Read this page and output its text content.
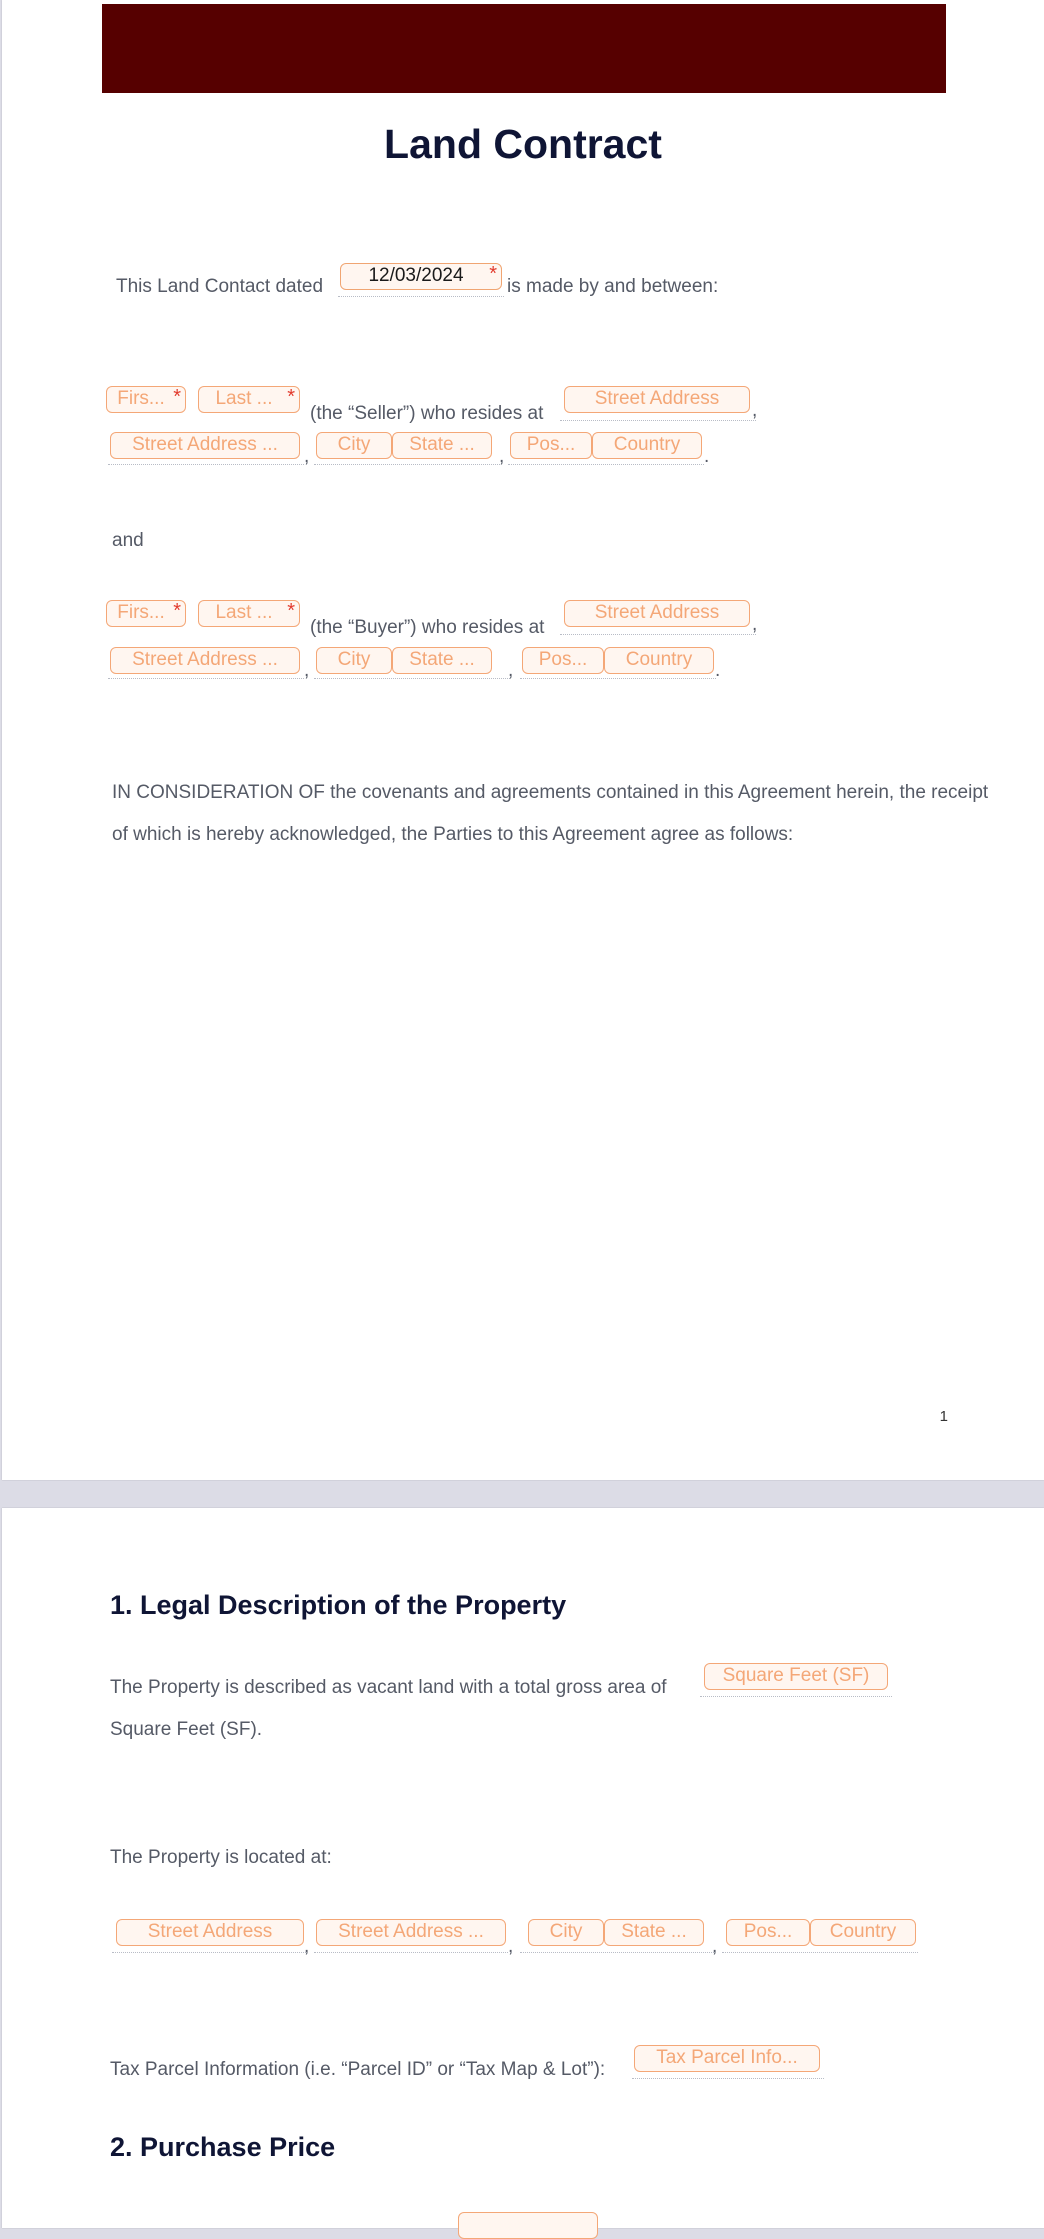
Land Contract
This Land Contact dated
12/03/2024 *
is made by and between:
Firs... *	Last ... *
(the “Seller”) who resides at
Street Address
,
Street Address ...
,
City	State ...
,
Pos...	Country
.
and
Firs... *	Last ... *
(the “Buyer”) who resides at
Street Address
,
Street Address ...
,
City	State ...
,
Pos...	Country
.

IN CONSIDERATION OF the covenants and agreements contained in this Agreement herein, the receipt of which is hereby acknowledged, the Parties to this Agreement agree as follows:

1
1. Legal Description of the Property
The Property is described as vacant land with a total gross area of
Square Feet (SF)
Square Feet (SF).
The Property is located at:
Street Address
,
Street Address ...
,
City	State ...
,
Pos...	Country
Tax Parcel Information (i.e. “Parcel ID” or “Tax Map & Lot”):
Tax Parcel Info...
2. Purchase Price
